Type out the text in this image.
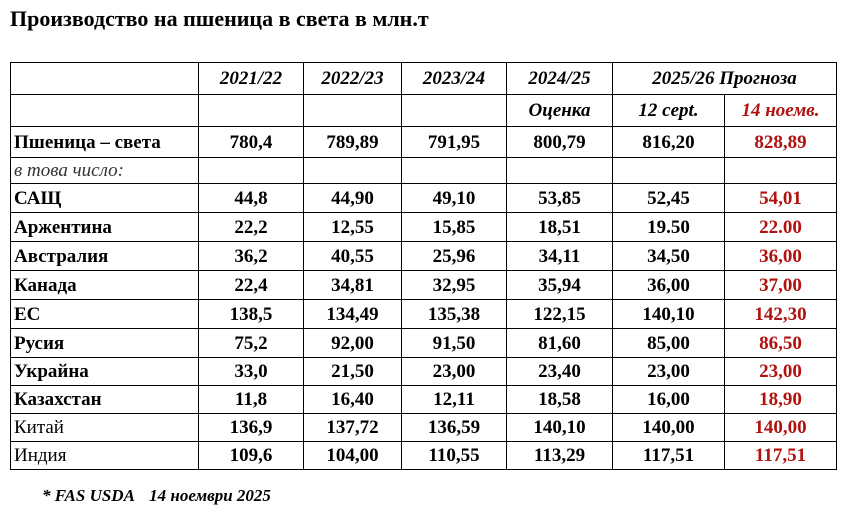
Производство на пшеница в света в млн.т
	2021/22	2022/23	2023/24	2024/25	2025/26 Прогноза	
				Оценка	12 сept.	14 ноемв.
Пшеница – света	780,4	789,89	791,95	800,79	816,20	828,89
в това число:						
САЩ	44,8	44,90	49,10	53,85	52,45	54,01
Аржентина	22,2	12,55	15,85	18,51	19.50	22.00
Австралия	36,2	40,55	25,96	34,11	34,50	36,00
Канада	22,4	34,81	32,95	35,94	36,00	37,00
ЕС	138,5	134,49	135,38	122,15	140,10	142,30
Русия	75,2	92,00	91,50	81,60	85,00	86,50
Украйна	33,0	21,50	23,00	23,40	23,00	23,00
Казахстан	11,8	16,40	12,11	18,58	16,00	18,90
Китай	136,9	137,72	136,59	140,10	140,00	140,00
Индия	109,6	104,00	110,55	113,29	117,51	117,51
* FAS USDA 14 ноември 2025
